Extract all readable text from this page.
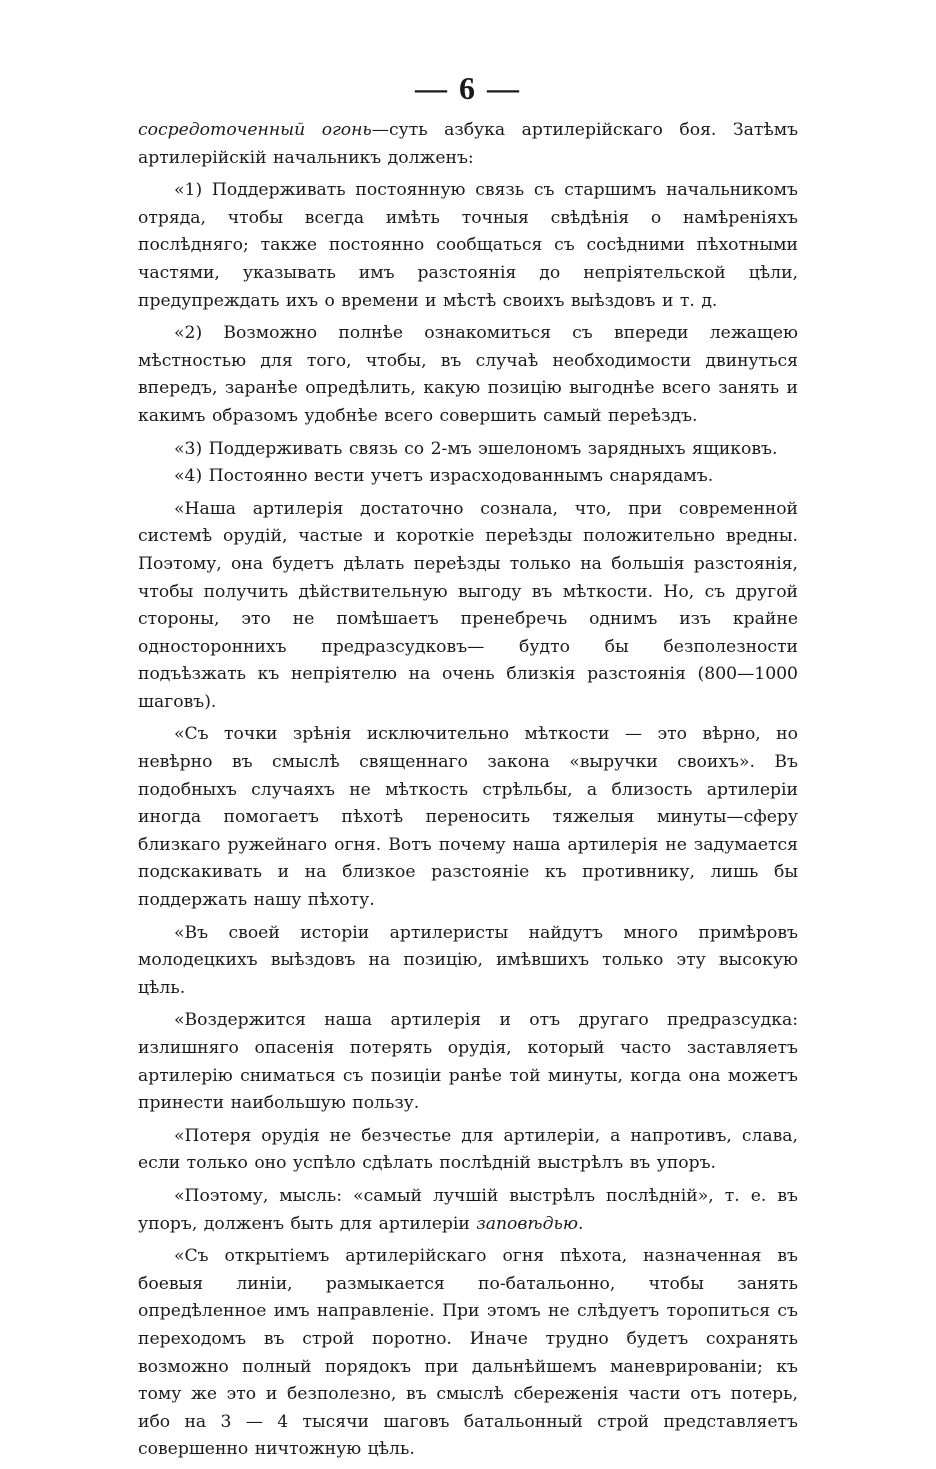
— 6 —

сосредоточенный огонь—суть азбука артилерiйскаго боя. Затѣмъ артилерiйскiй начальникъ долженъ:

«1) Поддерживать постоянную связь съ старшимъ начальникомъ отряда, чтобы всегда имѣть точныя свѣдѣнiя о намѣренiяхъ послѣдняго; также постоянно сообщаться съ сосѣдними пѣхотными частями, указывать имъ разстоянiя до непрiятельской цѣли, предупреждать ихъ о времени и мѣстѣ своихъ выѣздовъ и т. д.

«2) Возможно полнѣе ознакомиться съ впереди лежащею мѣстностью для того, чтобы, въ случаѣ необходимости двинуться впередъ, заранѣе опредѣлить, какую позицiю выгоднѣе всего занять и какимъ образомъ удобнѣе всего совершить самый переѣздъ.

«3) Поддерживать связь со 2-мъ эшелономъ зарядныхъ ящиковъ.

«4) Постоянно вести учетъ израсходованнымъ снарядамъ.

«Наша артилерiя достаточно сознала, что, при современной системѣ орудiй, частые и короткiе переѣзды положительно вредны. Поэтому, она будетъ дѣлать переѣзды только на большiя разстоянiя, чтобы получить дѣйствительную выгоду въ мѣткости. Но, съ другой стороны, это не помѣшаетъ пренебречь однимъ изъ крайне одностороннихъ предразсудковъ— будто бы безполезности подъѣзжать къ непрiятелю на очень близкiя разстоянiя (800—1000 шаговъ).

«Съ точки зрѣнiя исключительно мѣткости — это вѣрно, но невѣрно въ смыслѣ священнаго закона «выручки своихъ». Въ подобныхъ случаяхъ не мѣткость стрѣльбы, а близость артилерiи иногда помогаетъ пѣхотѣ переносить тяжелыя минуты—сферу близкаго ружейнаго огня. Вотъ почему наша артилерiя не задумается подскакивать и на близкое разстоянiе къ противнику, лишь бы поддержать нашу пѣхоту.

«Въ своей исторiи артилеристы найдутъ много примѣровъ молодецкихъ выѣздовъ на позицiю, имѣвшихъ только эту высокую цѣль.

«Воздержится наша артилерiя и отъ другаго предразсудка: излишняго опасенiя потерять орудiя, который часто заставляетъ артилерiю сниматься съ позицiи ранѣе той минуты, когда она можетъ принести наибольшую пользу.

«Потеря орудiя не безчестье для артилерiи, а напротивъ, слава, если только оно успѣло сдѣлать послѣднiй выстрѣлъ въ упоръ.

«Поэтому, мысль: «самый лучшiй выстрѣлъ послѣднiй», т. е. въ упоръ, долженъ быть для артилерiи заповѣдью.

«Съ открытiемъ артилерiйскаго огня пѣхота, назначенная въ боевыя линiи, размыкается по-батальонно, чтобы занять опредѣленное имъ направленiе. При этомъ не слѣдуетъ торопиться съ переходомъ въ строй поротно. Иначе трудно будетъ сохранять возможно полный порядокъ при дальнѣйшемъ маневрированiи; къ тому же это и безполезно, въ смыслѣ сбереженiя части отъ потерь, ибо на 3 — 4 тысячи шаговъ батальонный строй представляетъ совершенно ничтожную цѣль.
